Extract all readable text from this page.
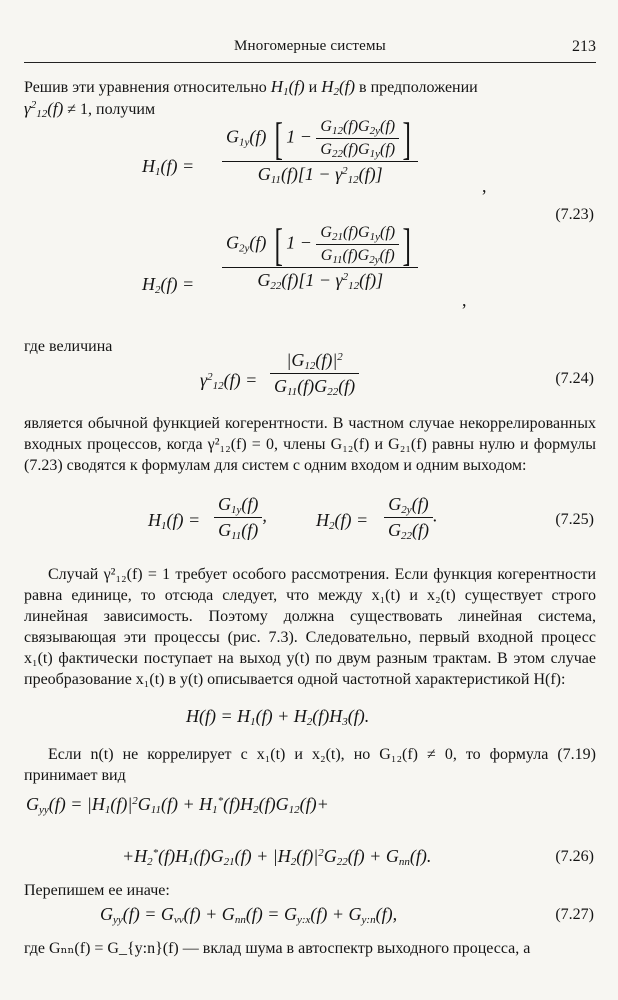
Многомерные системы	213
Решив эти уравнения относительно $H_1(f)$ и $H_2(f)$ в предположении
$\gamma^2_{12}(f) \ne 1$, получим
$H_1(f) = \frac{G_{1y}(f) [ 1 - \frac{G_{12}(f)G_{2y}(f)}{G_{22}(f)G_{1y}(f)} ]}{G_{11}(f)[1 - \gamma^2_{12}(f)]}$
,
(7.23)
$H_2(f) = \frac{G_{2y}(f) [ 1 - \frac{G_{21}(f)G_{1y}(f)}{G_{11}(f)G_{2y}(f)} ]}{G_{22}(f)[1 - \gamma^2_{12}(f)]}$
,
где величина
$\gamma^2_{12}(f) = \frac{|G_{12}(f)|^2}{G_{11}(f)G_{22}(f)}$	(7.24)
является обычной функцией когерентности. В частном случае некоррелированных входных процессов, когда γ²₁₂(f) = 0, члены G₁₂(f) и G₂₁(f) равны нулю и формулы (7.23) сводятся к формулам для систем с одним входом и одним выходом:
$H_1(f) = \frac{G_{1y}(f)}{G_{11}(f)}$ ,	$H_2(f) = \frac{G_{2y}(f)}{G_{22}(f)}$ .	(7.25)
Случай γ²₁₂(f) = 1 требует особого рассмотрения. Если функция когерентности равна единице, то отсюда следует, что между x₁(t) и x₂(t) существует строго линейная зависимость. Поэтому должна существовать линейная система, связывающая эти процессы (рис. 7.3). Следовательно, первый входной процесс x₁(t) фактически поступает на выход y(t) по двум разным трактам. В этом случае преобразование x₁(t) в y(t) описывается одной частотной характеристикой H(f):
$H(f) = H_1(f) + H_2(f)H_3(f)$.
Если n(t) не коррелирует с x₁(t) и x₂(t), но G₁₂(f) ≠ 0, то формула (7.19) принимает вид
$G_{yy}(f) = |H_1(f)|^2G_{11}(f) + H_1^*(f)H_2(f)G_{12}(f)+$
$+H_2^*(f)H_1(f)G_{21}(f) + |H_2(f)|^2G_{22}(f) + G_{nn}(f)$.	(7.26)
Перепишем ее иначе:
$G_{yy}(f) = G_{vv}(f) + G_{nn}(f) = G_{y:x}(f) + G_{y:n}(f)$,	(7.27)
где Gₙₙ(f) = G_{y:n}(f) — вклад шума в автоспектр выходного процесса, а
